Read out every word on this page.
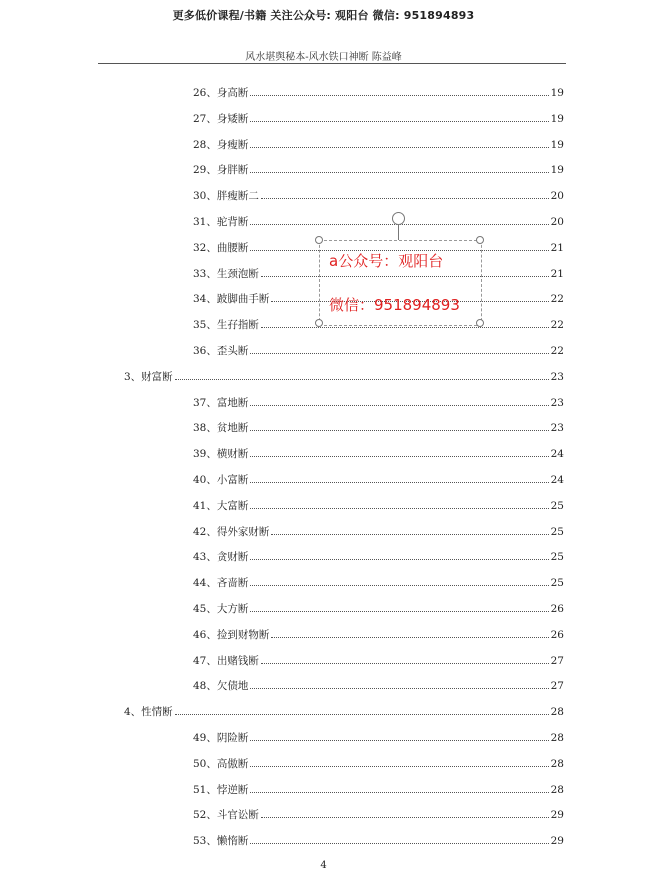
更多低价课程/书籍 关注公众号: 观阳台 微信: 951894893
风水堪舆秘本-风水铁口神断 陈益峰
26、身高断	19
27、身矮断	19
28、身瘦断	19
29、身胖断	19
30、胖瘦断二	20
31、驼背断	20
32、曲腰断	21
33、生颈泡断	21
34、跛脚曲手断	22
35、生孖指断	22
36、歪头断	22
3、财富断	23
37、富地断	23
38、贫地断	23
39、横财断	24
40、小富断	24
41、大富断	25
42、得外家财断	25
43、贪财断	25
44、吝啬断	25
45、大方断	26
46、捡到财物断	26
47、出赌钱断	27
48、欠债地	27
4、性情断	28
49、阴险断	28
50、高傲断	28
51、悖逆断	28
52、斗官讼断	29
53、懒惰断	29
4
a公众号：观阳台
微信：951894893
